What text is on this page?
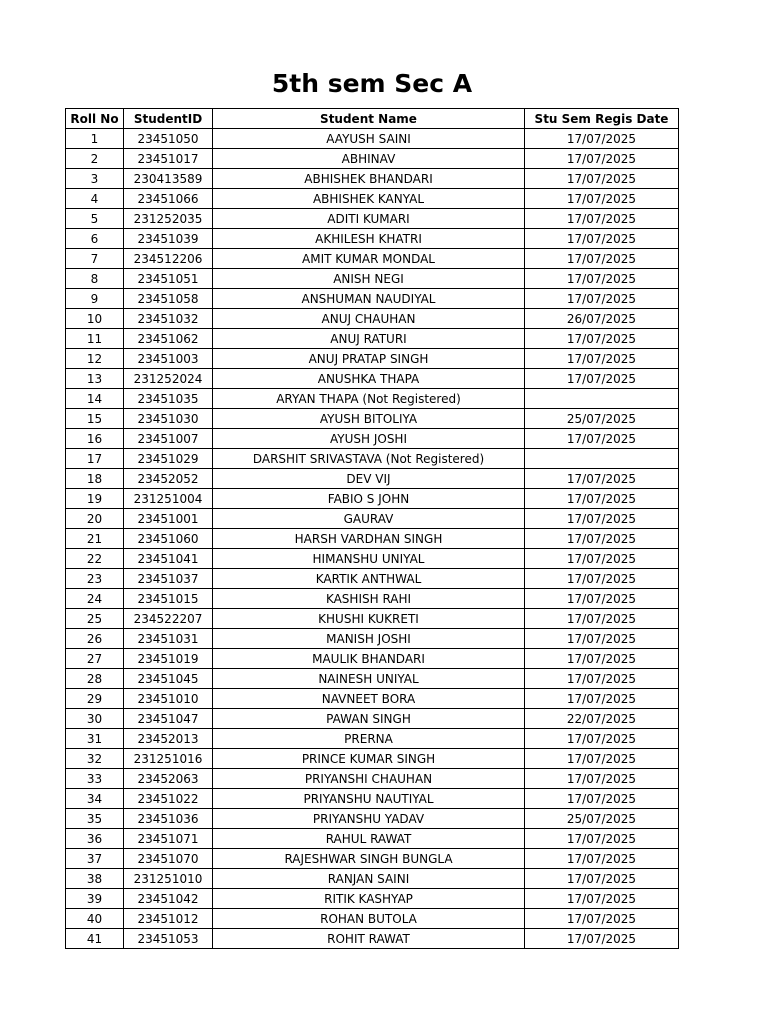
5th sem Sec A
Roll No	StudentID	Student Name	Stu Sem Regis Date
1	23451050	AAYUSH SAINI	17/07/2025
2	23451017	ABHINAV	17/07/2025
3	230413589	ABHISHEK BHANDARI	17/07/2025
4	23451066	ABHISHEK KANYAL	17/07/2025
5	231252035	ADITI KUMARI	17/07/2025
6	23451039	AKHILESH KHATRI	17/07/2025
7	234512206	AMIT KUMAR MONDAL	17/07/2025
8	23451051	ANISH NEGI	17/07/2025
9	23451058	ANSHUMAN NAUDIYAL	17/07/2025
10	23451032	ANUJ CHAUHAN	26/07/2025
11	23451062	ANUJ RATURI	17/07/2025
12	23451003	ANUJ PRATAP SINGH	17/07/2025
13	231252024	ANUSHKA THAPA	17/07/2025
14	23451035	ARYAN THAPA (Not Registered)	
15	23451030	AYUSH BITOLIYA	25/07/2025
16	23451007	AYUSH JOSHI	17/07/2025
17	23451029	DARSHIT SRIVASTAVA (Not Registered)	
18	23452052	DEV VIJ	17/07/2025
19	231251004	FABIO S JOHN	17/07/2025
20	23451001	GAURAV	17/07/2025
21	23451060	HARSH VARDHAN SINGH	17/07/2025
22	23451041	HIMANSHU UNIYAL	17/07/2025
23	23451037	KARTIK ANTHWAL	17/07/2025
24	23451015	KASHISH RAHI	17/07/2025
25	234522207	KHUSHI KUKRETI	17/07/2025
26	23451031	MANISH JOSHI	17/07/2025
27	23451019	MAULIK BHANDARI	17/07/2025
28	23451045	NAINESH UNIYAL	17/07/2025
29	23451010	NAVNEET BORA	17/07/2025
30	23451047	PAWAN SINGH	22/07/2025
31	23452013	PRERNA	17/07/2025
32	231251016	PRINCE KUMAR SINGH	17/07/2025
33	23452063	PRIYANSHI CHAUHAN	17/07/2025
34	23451022	PRIYANSHU NAUTIYAL	17/07/2025
35	23451036	PRIYANSHU YADAV	25/07/2025
36	23451071	RAHUL RAWAT	17/07/2025
37	23451070	RAJESHWAR SINGH BUNGLA	17/07/2025
38	231251010	RANJAN SAINI	17/07/2025
39	23451042	RITIK KASHYAP	17/07/2025
40	23451012	ROHAN BUTOLA	17/07/2025
41	23451053	ROHIT RAWAT	17/07/2025
